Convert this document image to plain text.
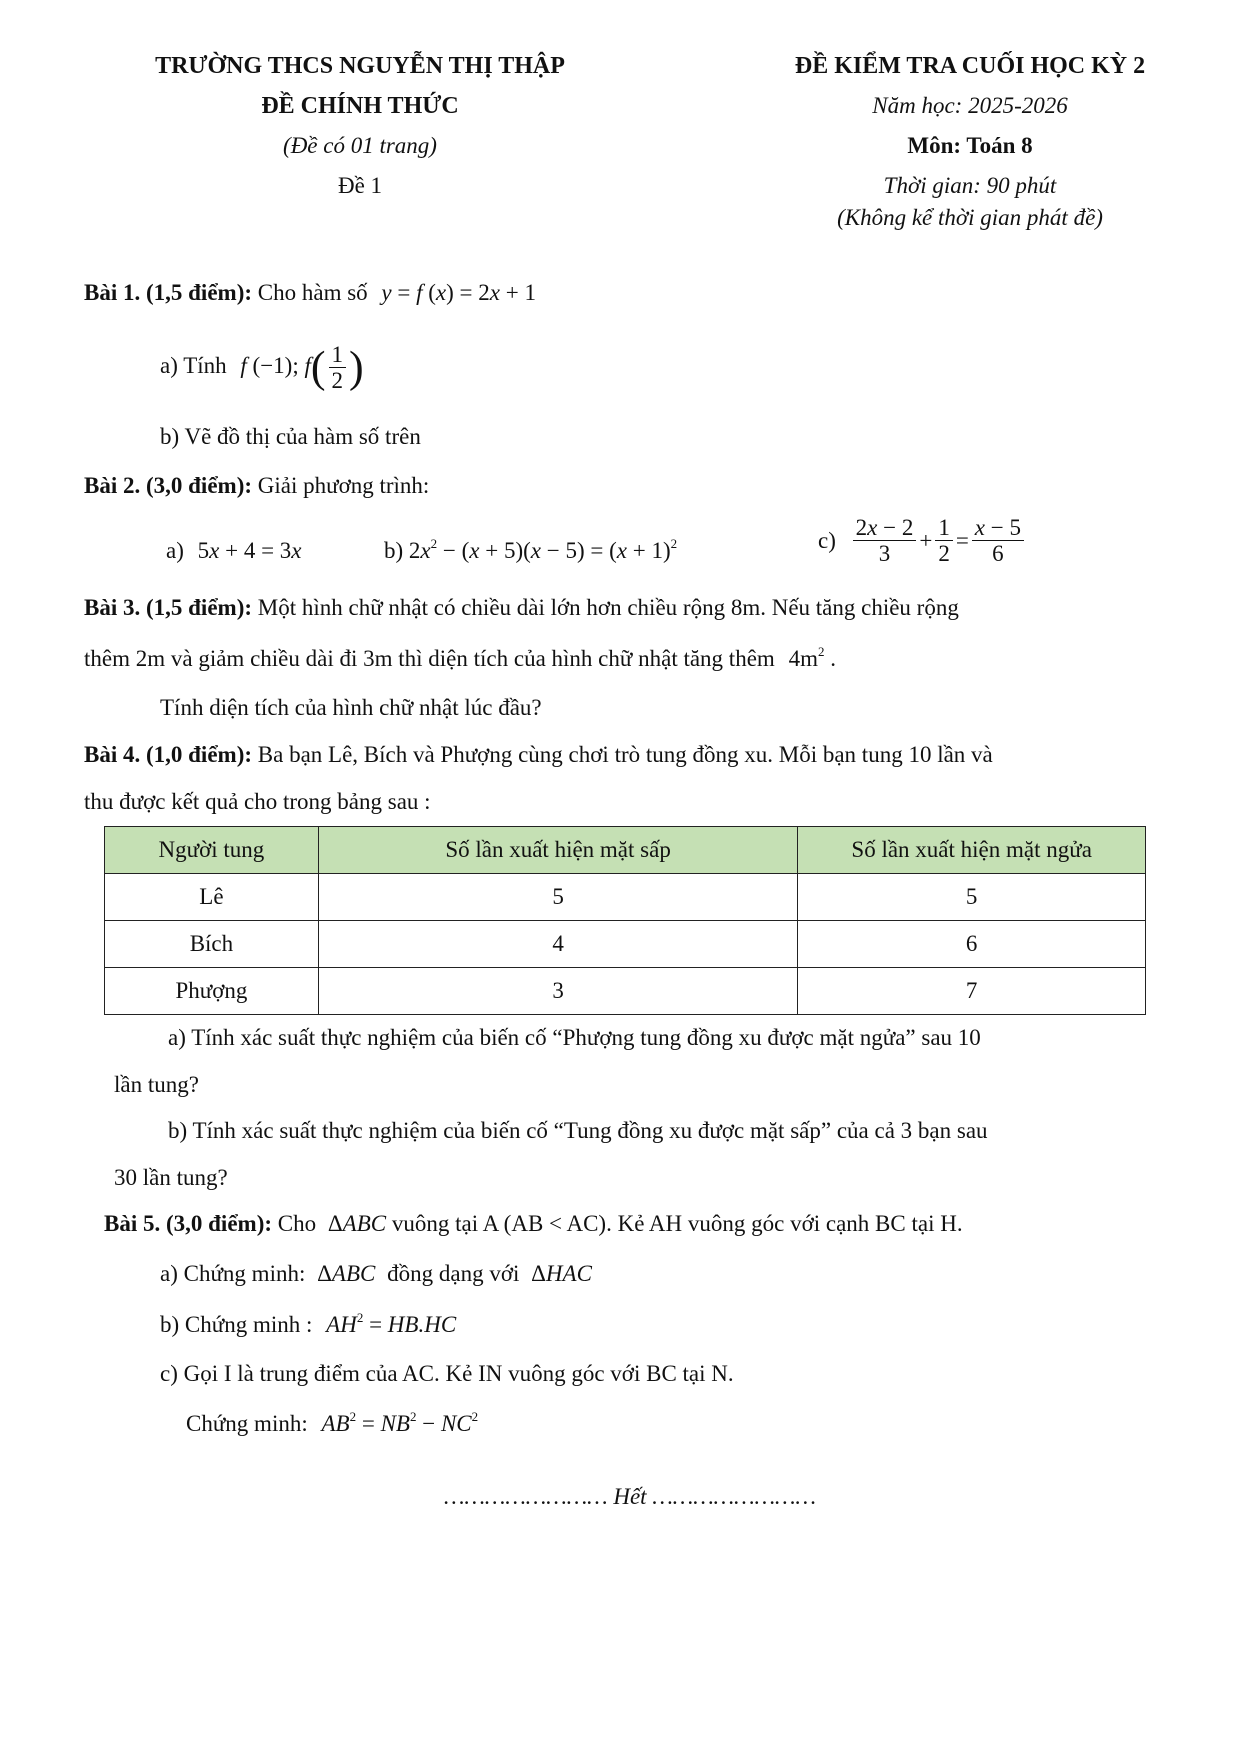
TRƯỜNG THCS NGUYỄN THỊ THẬP
ĐỀ CHÍNH THỨC
(Đề có 01 trang)
Đề 1
ĐỀ KIỂM TRA CUỐI HỌC KỲ 2
Năm học: 2025-2026
Môn: Toán 8
Thời gian: 90 phút
(Không kể thời gian phát đề)
Bài 1. (1,5 điểm): Cho hàm số y = f (x) = 2x + 1
a) Tính f (−1); $f( \frac{1}{2}$ )
b) Vẽ đồ thị của hàm số trên
Bài 2. (3,0 điểm): Giải phương trình:
a) 5x + 4 = 3x	b) $2x^2 - (x + 5)(x - 5) = (x + 1)^2$	$c) \frac{2x - 2}{3} + \frac{1}{2} = \frac{x - 5}{6}$
Bài 3. (1,5 điểm): Một hình chữ nhật có chiều dài lớn hơn chiều rộng 8m. Nếu tăng chiều rộng
thêm 2m và giảm chiều dài đi 3m thì diện tích của hình chữ nhật tăng thêm $4m^2$ .
Tính diện tích của hình chữ nhật lúc đầu?
Bài 4. (1,0 điểm): Ba bạn Lê, Bích và Phượng cùng chơi trò tung đồng xu. Mỗi bạn tung 10 lần và
thu được kết quả cho trong bảng sau :
Người tung	Số lần xuất hiện mặt sấp	Số lần xuất hiện mặt ngửa
Lê	5	5
Bích	4	6
Phượng	3	7
a) Tính xác suất thực nghiệm của biến cố “Phượng tung đồng xu được mặt ngửa” sau 10
lần tung?
b) Tính xác suất thực nghiệm của biến cố “Tung đồng xu được mặt sấp” của cả 3 bạn sau
30 lần tung?
Bài 5. (3,0 điểm): Cho ΔABC vuông tại A (AB < AC). Kẻ AH vuông góc với cạnh BC tại H.
a) Chứng minh: ΔABC đồng dạng với ΔHAC
b) Chứng minh : $AH^2 = HB.HC$
c) Gọi I là trung điểm của AC. Kẻ IN vuông góc với BC tại N.
Chứng minh: $AB^2 = NB^2 - NC^2$
…………………… Hết ……………………
